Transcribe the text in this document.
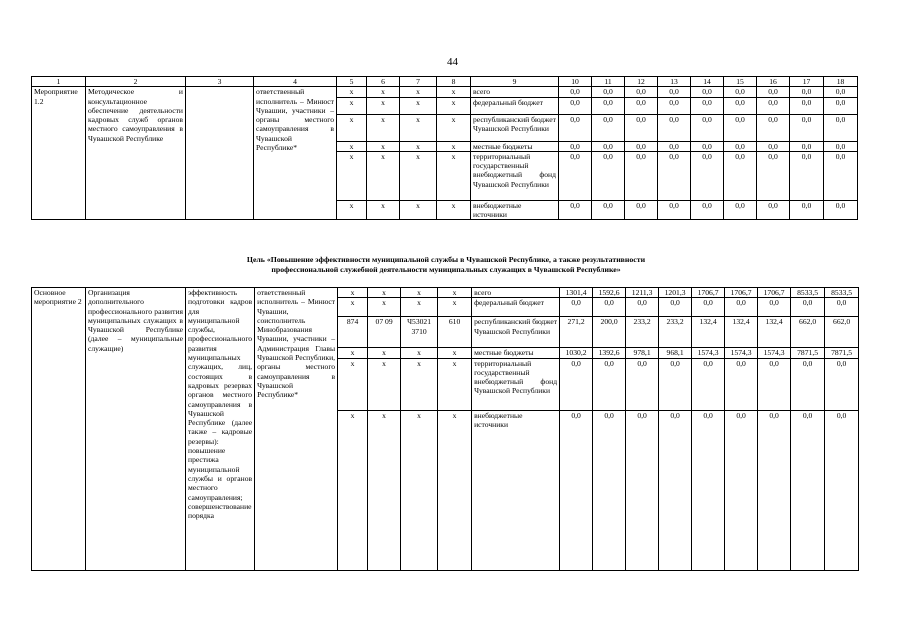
44
1	2	3	4	5	6	7	8	9	10	11	12	13	14	15	16	17	18
Мероприятие 1.2	Методическое и консультационное обеспечение деятельности кадровых служб органов местного самоуправления в Чувашской Республике		ответственный исполнитель – Минюст Чувашии, участники – органы местного самоуправления в Чувашской Республике*	x	x	x	x	всего	0,0	0,0	0,0	0,0	0,0	0,0	0,0	0,0	0,0
				x	x	x	x	федеральный бюджет	0,0	0,0	0,0	0,0	0,0	0,0	0,0	0,0	0,0
				x	x	x	x	республиканский бюджет Чувашской Республики	0,0	0,0	0,0	0,0	0,0	0,0	0,0	0,0	0,0
				x	x	x	x	местные бюджеты	0,0	0,0	0,0	0,0	0,0	0,0	0,0	0,0	0,0
				x	x	x	x	территориальный государственный внебюджетный фонд Чувашской Республики	0,0	0,0	0,0	0,0	0,0	0,0	0,0	0,0	0,0
				x	x	x	x	внебюджетные источники	0,0	0,0	0,0	0,0	0,0	0,0	0,0	0,0	0,0
Цель «Повышение эффективности муниципальной службы в Чувашской Республике, а также результативности
профессиональной служебной деятельности муниципальных служащих в Чувашской Республике»
Основное мероприятие 2	Организация дополнительного профессионального развития муниципальных служащих в Чувашской Республике (далее – муниципальные служащие)	эффективность подготовки кадров для муниципальной службы, профессионального развития муниципальных служащих, лиц, состоящих в кадровых резервах органов местного самоуправления в Чувашской Республике (далее также – кадровые резервы): повышение престижа муниципальной службы и органов местного самоуправления; совершенствование порядка	ответственный исполнитель – Минюст Чувашии, соисполнитель Минобразования Чувашии, участники – Администрация Главы Чувашской Республики, органы местного самоуправления в Чувашской Республике*	x	x	x	x	всего	1301,4	1592,6	1211,3	1201,3	1706,7	1706,7	1706,7	8533,5	8533,5
				x	x	x	x	федеральный бюджет	0,0	0,0	0,0	0,0	0,0	0,0	0,0	0,0	0,0
				874	07 09	Ч53021 3710	610	республиканский бюджет Чувашской Республики	271,2	200,0	233,2	233,2	132,4	132,4	132,4	662,0	662,0
				x	x	x	x	местные бюджеты	1030,2	1392,6	978,1	968,1	1574,3	1574,3	1574,3	7871,5	7871,5
				x	x	x	x	территориальный государственный внебюджетный фонд Чувашской Республики	0,0	0,0	0,0	0,0	0,0	0,0	0,0	0,0	0,0
				x	x	x	x	внебюджетные источники	0,0	0,0	0,0	0,0	0,0	0,0	0,0	0,0	0,0
